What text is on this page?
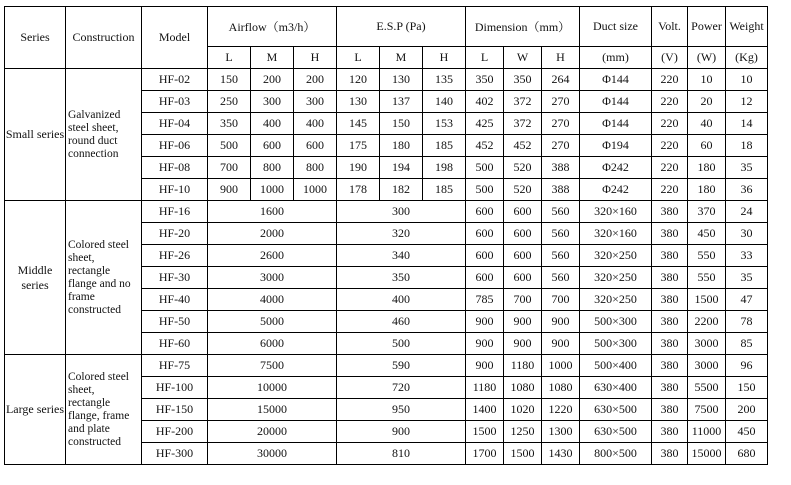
Series	Construction	Model	Airflow（m3/h）			E.S.P (Pa)			Dimension（mm）			Duct size	Volt.	Power	Weight
			L	M	H	L	M	H	L	W	H	(mm)	(V)	(W)	(Kg)
Small series	Galvanized steel sheet, round duct connection	HF-02	150	200	200	120	130	135	350	350	264	Φ144	220	10	10
		HF-03	250	300	300	130	137	140	402	372	270	Φ144	220	20	12
		HF-04	350	400	400	145	150	153	425	372	270	Φ144	220	40	14
		HF-06	500	600	600	175	180	185	452	452	270	Φ194	220	60	18
		HF-08	700	800	800	190	194	198	500	520	388	Φ242	220	180	35
		HF-10	900	1000	1000	178	182	185	500	520	388	Φ242	220	180	36
Middle series	Colored steel sheet, rectangle flange and no frame constructed	HF-16	1600			300			600	600	560	320×160	380	370	24
		HF-20	2000			320			600	600	560	320×160	380	450	30
		HF-26	2600			340			600	600	560	320×250	380	550	33
		HF-30	3000			350			600	600	560	320×250	380	550	35
		HF-40	4000			400			785	700	700	320×250	380	1500	47
		HF-50	5000			460			900	900	900	500×300	380	2200	78
		HF-60	6000			500			900	900	900	500×300	380	3000	85
Large series	Colored steel sheet, rectangle flange, frame and plate constructed	HF-75	7500			590			900	1180	1000	500×400	380	3000	96
		HF-100	10000			720			1180	1080	1080	630×400	380	5500	150
		HF-150	15000			950			1400	1020	1220	630×500	380	7500	200
		HF-200	20000			900			1500	1250	1300	630×500	380	11000	450
		HF-300	30000			810			1700	1500	1430	800×500	380	15000	680
